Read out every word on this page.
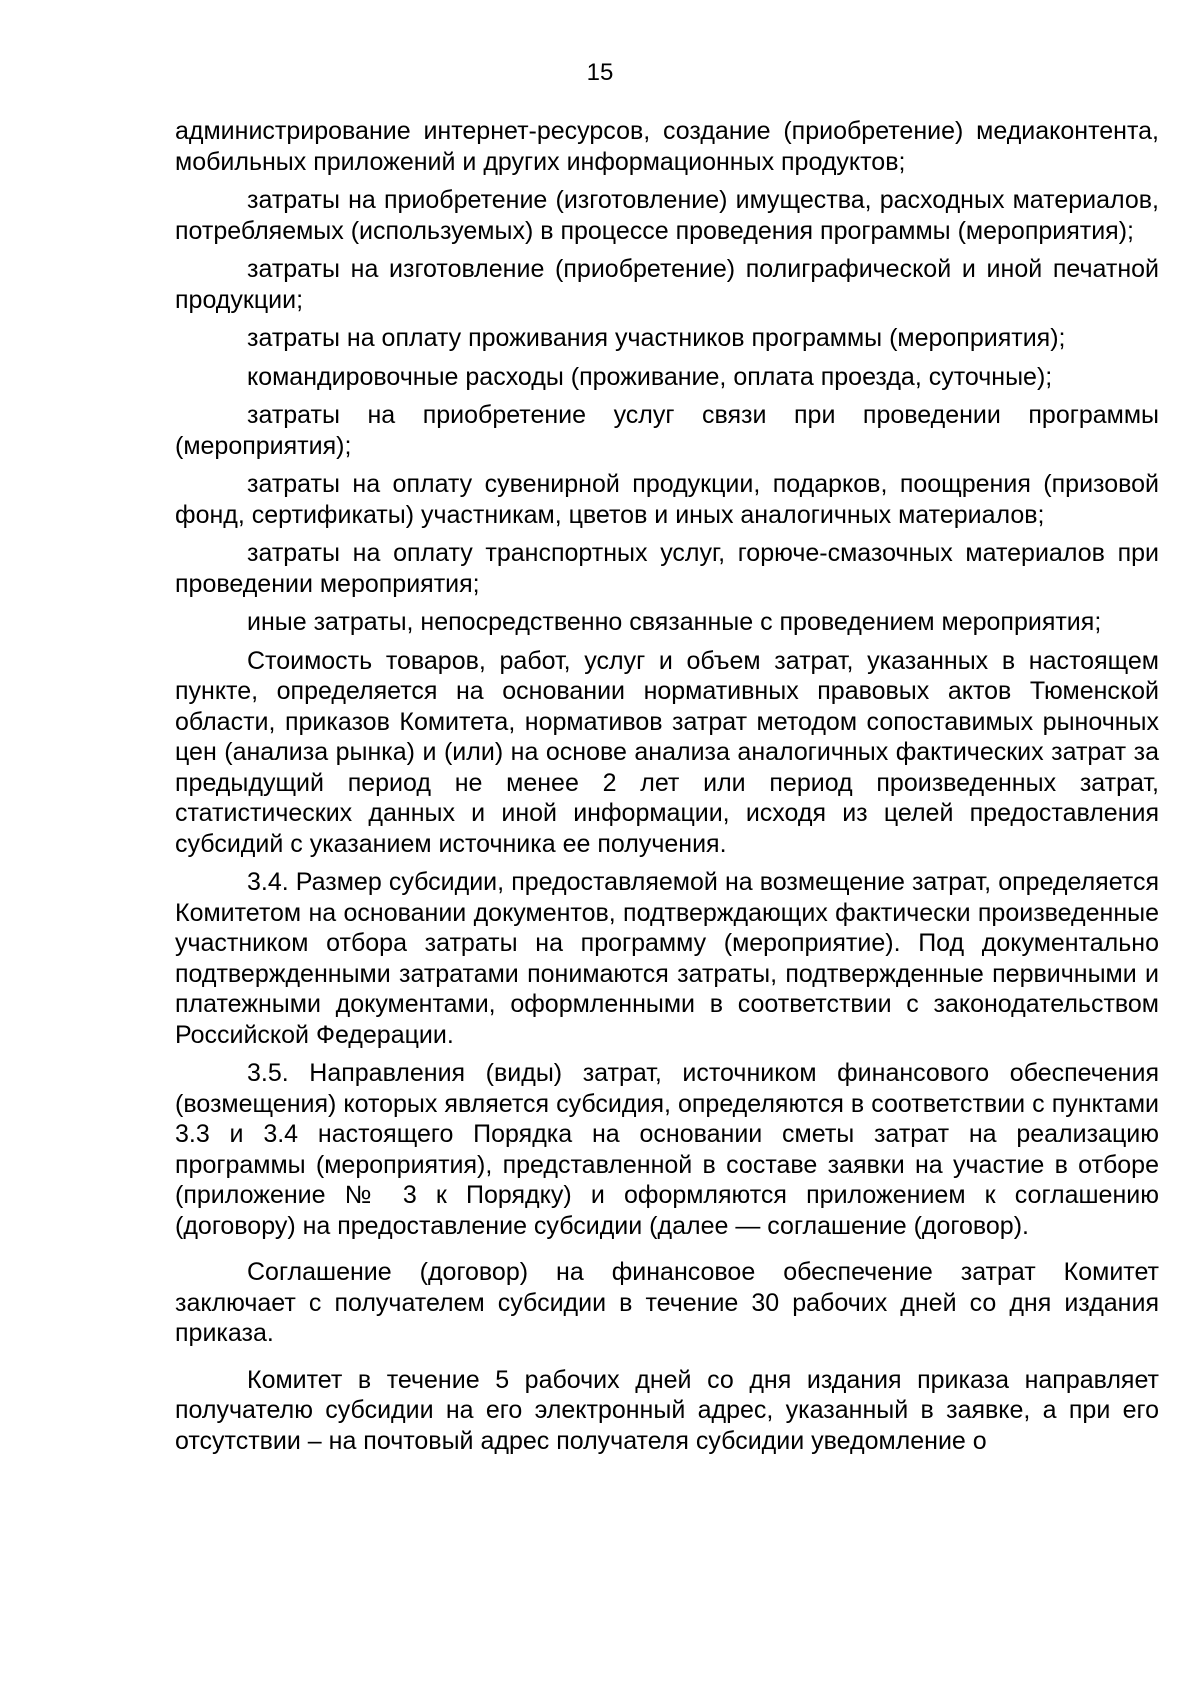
15

администрирование интернет-ресурсов, создание (приобретение) медиаконтента, мобильных приложений и других информационных продуктов;

затраты на приобретение (изготовление) имущества, расходных материалов, потребляемых (используемых) в процессе проведения программы (мероприятия);

затраты на изготовление (приобретение) полиграфической и иной печатной продукции;

затраты на оплату проживания участников программы (мероприятия);

командировочные расходы (проживание, оплата проезда, суточные);

затраты на приобретение услуг связи при проведении программы (мероприятия);

затраты на оплату сувенирной продукции, подарков, поощрения (призовой фонд, сертификаты) участникам, цветов и иных аналогичных материалов;

затраты на оплату транспортных услуг, горюче-смазочных материалов при проведении мероприятия;

иные затраты, непосредственно связанные с проведением мероприятия;

Стоимость товаров, работ, услуг и объем затрат, указанных в настоящем пункте, определяется на основании нормативных правовых актов Тюменской области, приказов Комитета, нормативов затрат методом сопоставимых рыночных цен (анализа рынка) и (или) на основе анализа аналогичных фактических затрат за предыдущий период не менее 2 лет или период произведенных затрат, статистических данных и иной информации, исходя из целей предоставления субсидий с указанием источника ее получения.

3.4. Размер субсидии, предоставляемой на возмещение затрат, определяется Комитетом на основании документов, подтверждающих фактически произведенные участником отбора затраты на программу (мероприятие). Под документально подтвержденными затратами понимаются затраты, подтвержденные первичными и платежными документами, оформленными в соответствии с законодательством Российской Федерации.

3.5. Направления (виды) затрат, источником финансового обеспечения (возмещения) которых является субсидия, определяются в соответствии с пунктами 3.3 и 3.4 настоящего Порядка на основании сметы затрат на реализацию программы (мероприятия), представленной в составе заявки на участие в отборе (приложение № 3 к Порядку) и оформляются приложением к соглашению (договору) на предоставление субсидии (далее — соглашение (договор).

Соглашение (договор) на финансовое обеспечение затрат Комитет заключает с получателем субсидии в течение 30 рабочих дней со дня издания приказа.

Комитет в течение 5 рабочих дней со дня издания приказа направляет получателю субсидии на его электронный адрес, указанный в заявке, а при его отсутствии – на почтовый адрес получателя субсидии уведомление о
